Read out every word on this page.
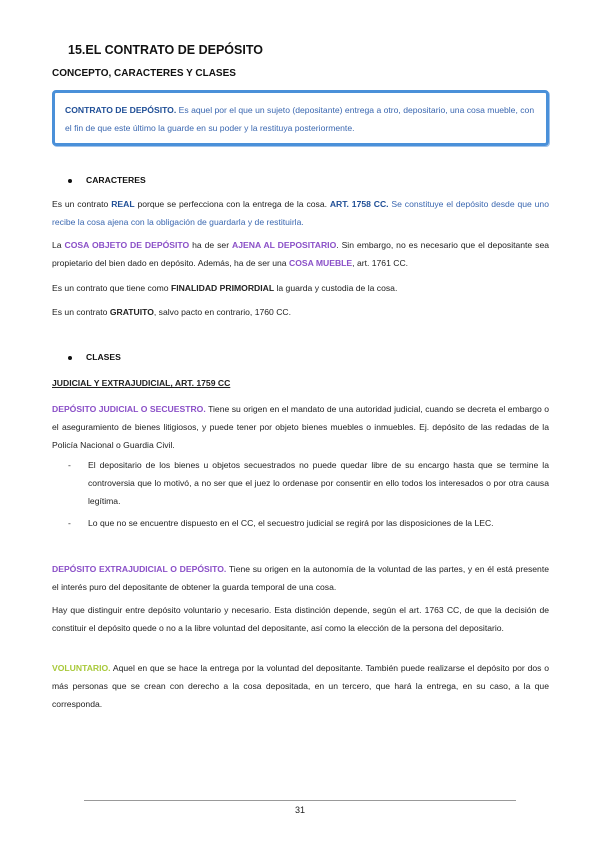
15.EL CONTRATO DE DEPÓSITO
CONCEPTO, CARACTERES Y CLASES
CONTRATO DE DEPÓSITO. Es aquel por el que un sujeto (depositante) entrega a otro, depositario, una cosa mueble, con el fin de que este último la guarde en su poder y la restituya posteriormente.
CARACTERES
Es un contrato REAL porque se perfecciona con la entrega de la cosa. ART. 1758 CC. Se constituye el depósito desde que uno recibe la cosa ajena con la obligación de guardarla y de restituirla.
La COSA OBJETO DE DEPÓSITO ha de ser AJENA AL DEPOSITARIO. Sin embargo, no es necesario que el depositante sea propietario del bien dado en depósito. Además, ha de ser una COSA MUEBLE, art. 1761 CC.
Es un contrato que tiene como FINALIDAD PRIMORDIAL la guarda y custodia de la cosa.
Es un contrato GRATUITO, salvo pacto en contrario, 1760 CC.
CLASES
JUDICIAL Y EXTRAJUDICIAL, ART. 1759 CC
DEPÓSITO JUDICIAL O SECUESTRO. Tiene su origen en el mandato de una autoridad judicial, cuando se decreta el embargo o el aseguramiento de bienes litigiosos, y puede tener por objeto bienes muebles o inmuebles. Ej. depósito de las redadas de la Policía Nacional o Guardia Civil.
- El depositario de los bienes u objetos secuestrados no puede quedar libre de su encargo hasta que se termine la controversia que lo motivó, a no ser que el juez lo ordenase por consentir en ello todos los interesados o por otra causa legítima.
- Lo que no se encuentre dispuesto en el CC, el secuestro judicial se regirá por las disposiciones de la LEC.
DEPÓSITO EXTRAJUDICIAL O DEPÓSITO. Tiene su origen en la autonomía de la voluntad de las partes, y en él está presente el interés puro del depositante de obtener la guarda temporal de una cosa.
Hay que distinguir entre depósito voluntario y necesario. Esta distinción depende, según el art. 1763 CC, de que la decisión de constituir el depósito quede o no a la libre voluntad del depositante, así como la elección de la persona del depositario.
VOLUNTARIO. Aquel en que se hace la entrega por la voluntad del depositante. También puede realizarse el depósito por dos o más personas que se crean con derecho a la cosa depositada, en un tercero, que hará la entrega, en su caso, a la que corresponda.
31
